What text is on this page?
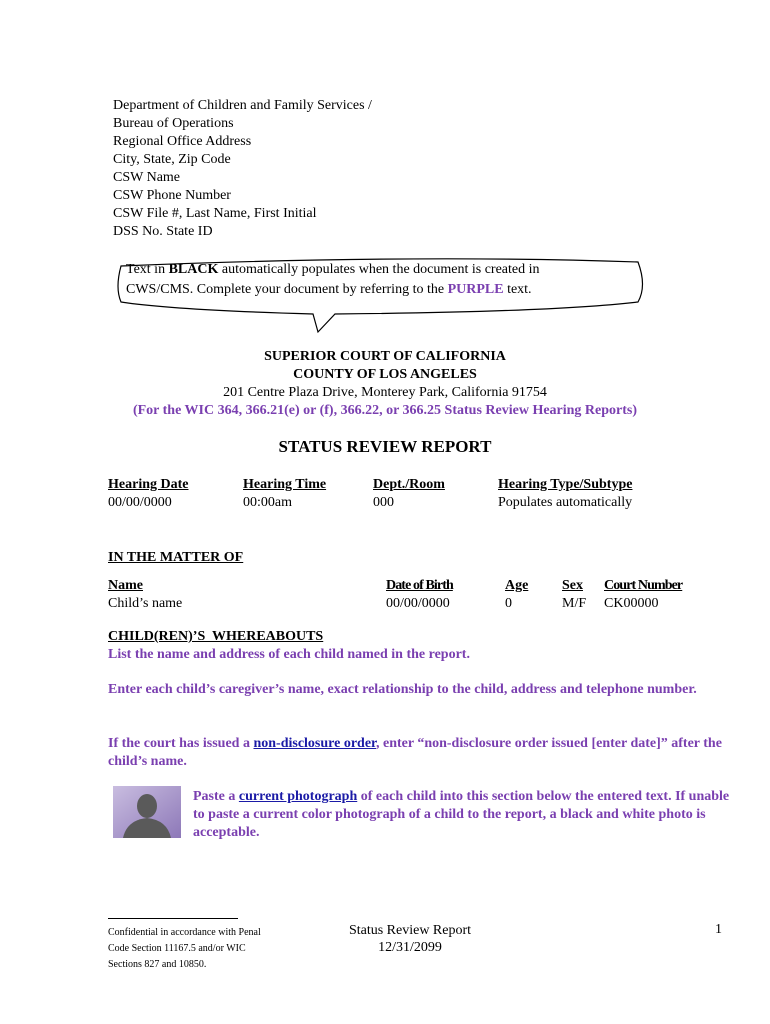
Department of Children and Family Services /
Bureau of Operations
Regional Office Address
City, State, Zip Code
CSW Name
CSW Phone Number
CSW File #, Last Name, First Initial
DSS No. State ID
Text in BLACK automatically populates when the document is created in
CWS/CMS. Complete your document by referring to the PURPLE text.
SUPERIOR COURT OF CALIFORNIA
COUNTY OF LOS ANGELES
201 Centre Plaza Drive, Monterey Park, California 91754
(For the WIC 364, 366.21(e) or (f), 366.22, or 366.25 Status Review Hearing Reports)
STATUS REVIEW REPORT
Hearing Date
00/00/0000
Hearing Time
00:00am
Dept./Room
000
Hearing Type/Subtype
Populates automatically
IN THE MATTER OF
Name
Child’s name
Date of Birth
00/00/0000
Age
0
Sex
M/F
Court Number
CK00000
CHILD(REN)’S  WHEREABOUTS
List the name and address of each child named in the report.
Enter each child’s caregiver’s name, exact relationship to the child, address and telephone number.
If the court has issued a non-disclosure order, enter “non-disclosure order issued [enter date]” after the child’s name.
Paste a current photograph of each child into this section below the entered text. If unable to paste a current color photograph of a child to the report, a black and white photo is acceptable.
Confidential in accordance with Penal
Code Section 11167.5 and/or WIC
Sections 827 and 10850.
Status Review Report
12/31/2099
1
